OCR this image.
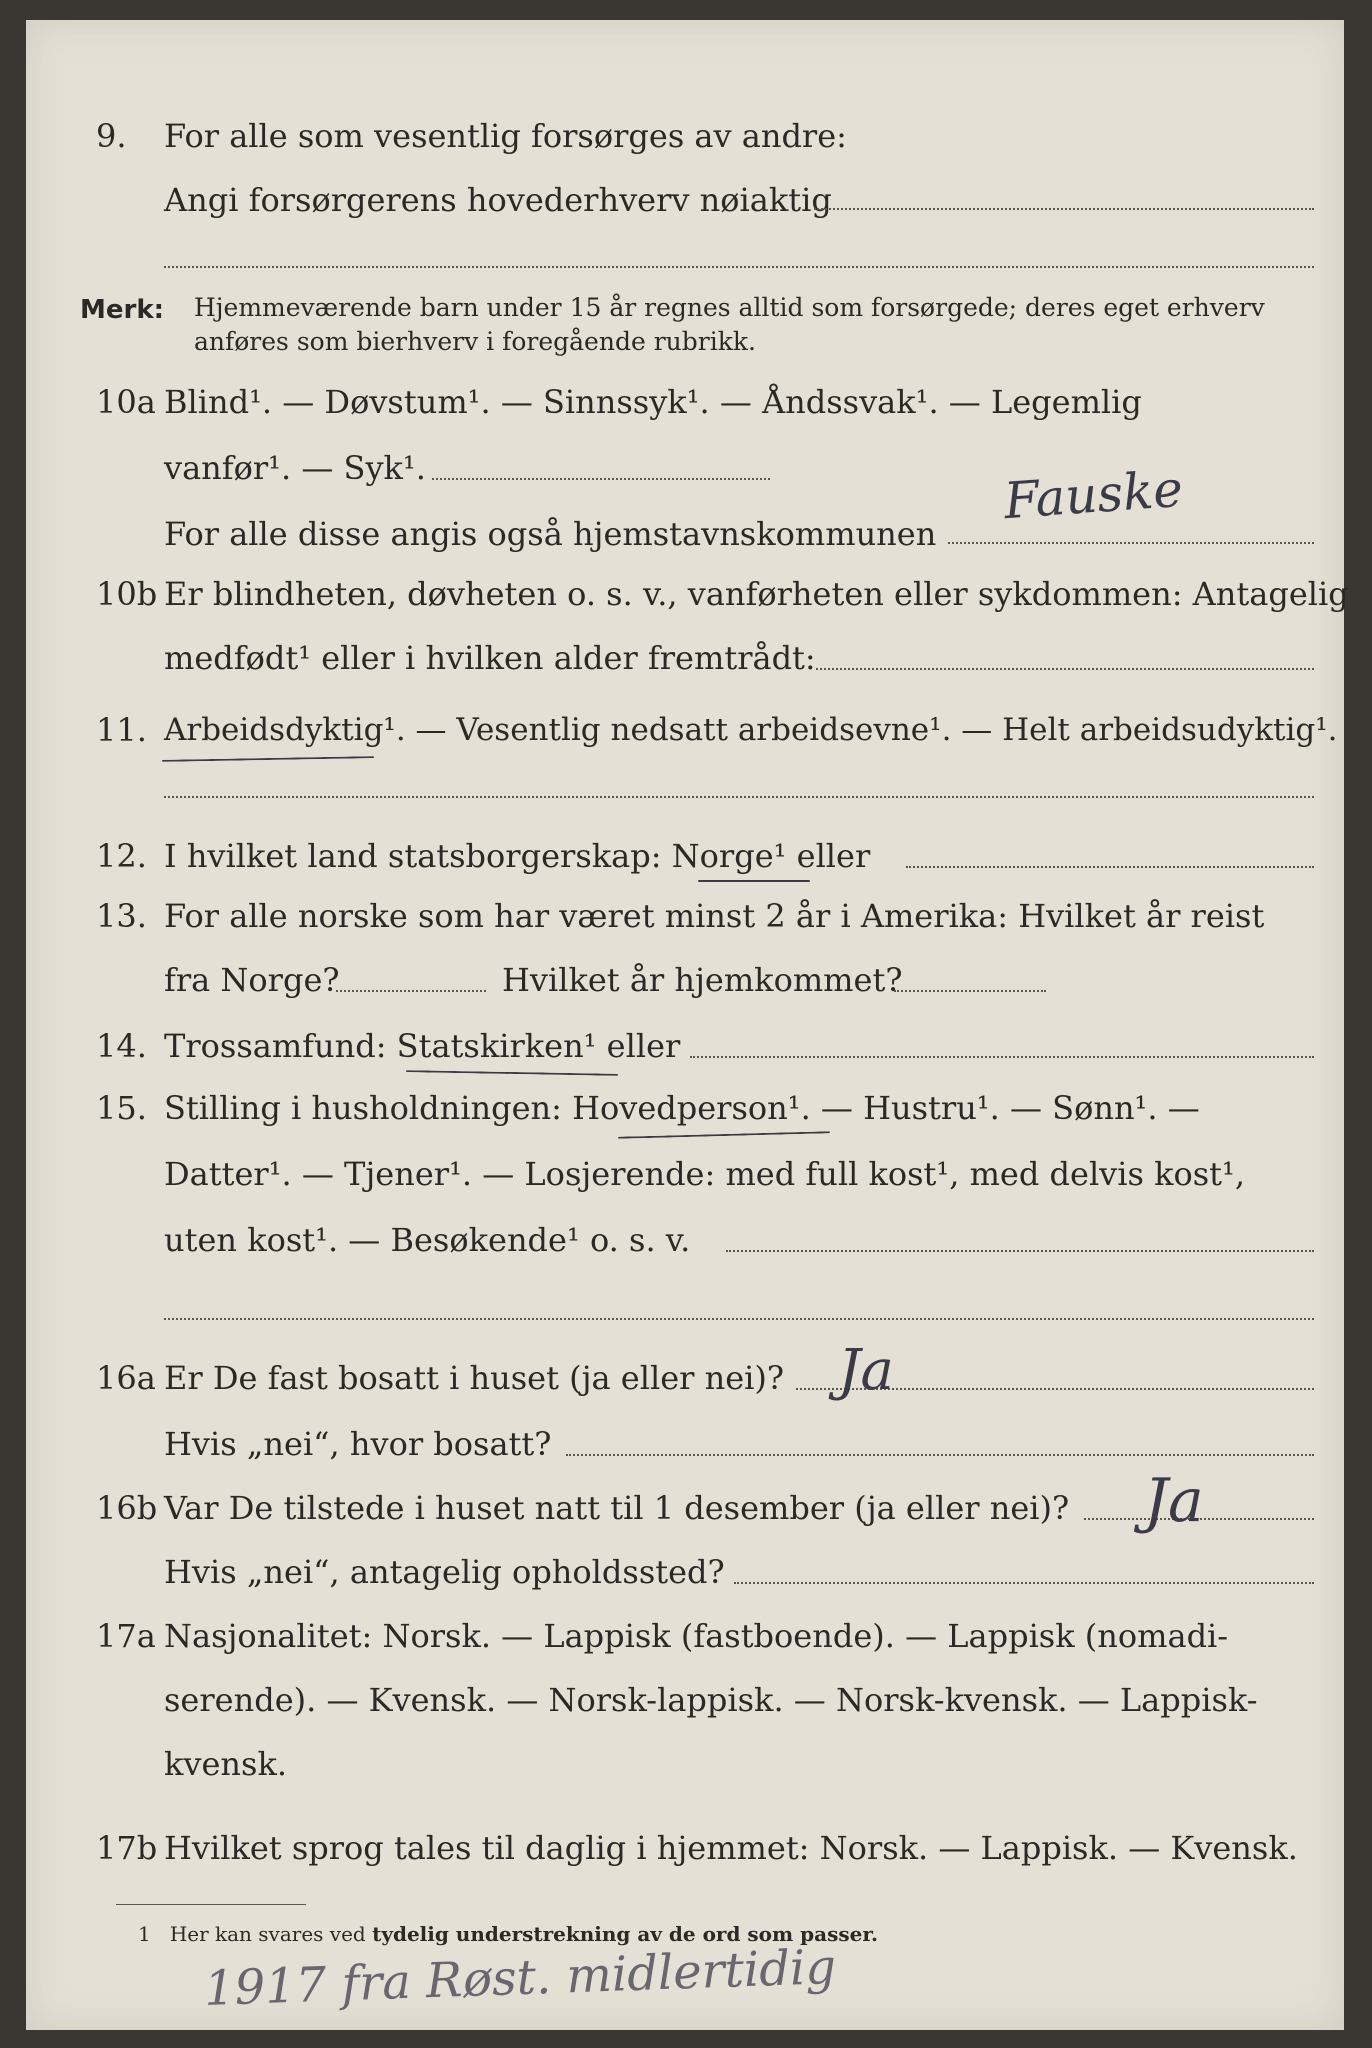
9. For alle som vesentlig forsørges av andre:
Angi forsørgerens hovederhverv nøiaktig
Merk: Hjemmeværende barn under 15 år regnes alltid som forsørgede; deres eget erhverv
anføres som bierhverv i foregående rubrikk.
10a Blind¹. — Døvstum¹. — Sinnssyk¹. — Åndssvak¹. — Legemlig
vanfør¹. — Syk¹.
For alle disse angis også hjemstavnskommunen
Fauske
10b Er blindheten, døvheten o. s. v., vanførheten eller sykdommen: Antagelig
medfødt¹ eller i hvilken alder fremtrådt:
11. Arbeidsdyktig¹. — Vesentlig nedsatt arbeidsevne¹. — Helt arbeidsudyktig¹.
12. I hvilket land statsborgerskap: Norge¹ eller
13. For alle norske som har været minst 2 år i Amerika: Hvilket år reist
fra Norge?	Hvilket år hjemkommet?
14. Trossamfund: Statskirken¹ eller
15. Stilling i husholdningen: Hovedperson¹. — Hustru¹. — Sønn¹. —
Datter¹. — Tjener¹. — Losjerende: med full kost¹, med delvis kost¹,
uten kost¹. — Besøkende¹ o. s. v.
16a Er De fast bosatt i huset (ja eller nei)? Ja
Hvis „nei“, hvor bosatt?
16b Var De tilstede i huset natt til 1 desember (ja eller nei)? Ja
Hvis „nei“, antagelig opholdssted?
17a Nasjonalitet: Norsk. — Lappisk (fastboende). — Lappisk (nomadi-
serende). — Kvensk. — Norsk-lappisk. — Norsk-kvensk. — Lappisk-
kvensk.
17b Hvilket sprog tales til daglig i hjemmet: Norsk. — Lappisk. — Kvensk.
1 Her kan svares ved tydelig understrekning av de ord som passer.
1917 fra Røst. midlertidig
